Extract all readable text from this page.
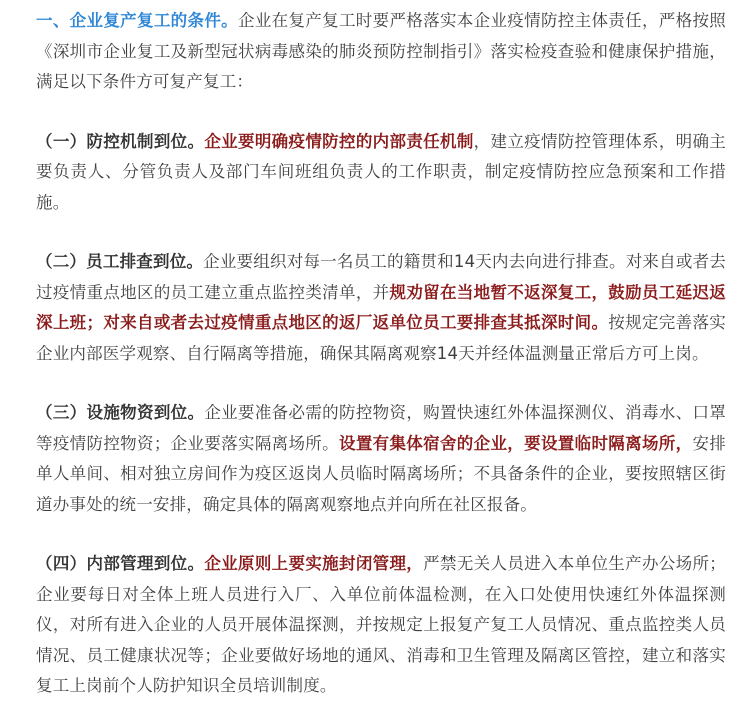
一、企业复产复工的条件。企业在复产复工时要严格落实本企业疫情防控主体责任，严格按照《深圳市企业复工及新型冠状病毒感染的肺炎预防控制指引》落实检疫查验和健康保护措施，满足以下条件方可复产复工：

（一）防控机制到位。企业要明确疫情防控的内部责任机制，建立疫情防控管理体系，明确主要负责人、分管负责人及部门车间班组负责人的工作职责，制定疫情防控应急预案和工作措施。

（二）员工排查到位。企业要组织对每一名员工的籍贯和14天内去向进行排查。对来自或者去过疫情重点地区的员工建立重点监控类清单，并规劝留在当地暂不返深复工，鼓励员工延迟返深上班；对来自或者去过疫情重点地区的返厂返单位员工要排查其抵深时间。按规定完善落实企业内部医学观察、自行隔离等措施，确保其隔离观察14天并经体温测量正常后方可上岗。

（三）设施物资到位。企业要准备必需的防控物资，购置快速红外体温探测仪、消毒水、口罩等疫情防控物资；企业要落实隔离场所。设置有集体宿舍的企业，要设置临时隔离场所，安排单人单间、相对独立房间作为疫区返岗人员临时隔离场所；不具备条件的企业，要按照辖区街道办事处的统一安排，确定具体的隔离观察地点并向所在社区报备。

（四）内部管理到位。企业原则上要实施封闭管理，严禁无关人员进入本单位生产办公场所；企业要每日对全体上班人员进行入厂、入单位前体温检测，在入口处使用快速红外体温探测仪，对所有进入企业的人员开展体温探测，并按规定上报复产复工人员情况、重点监控类人员情况、员工健康状况等；企业要做好场地的通风、消毒和卫生管理及隔离区管控，建立和落实复工上岗前个人防护知识全员培训制度。
